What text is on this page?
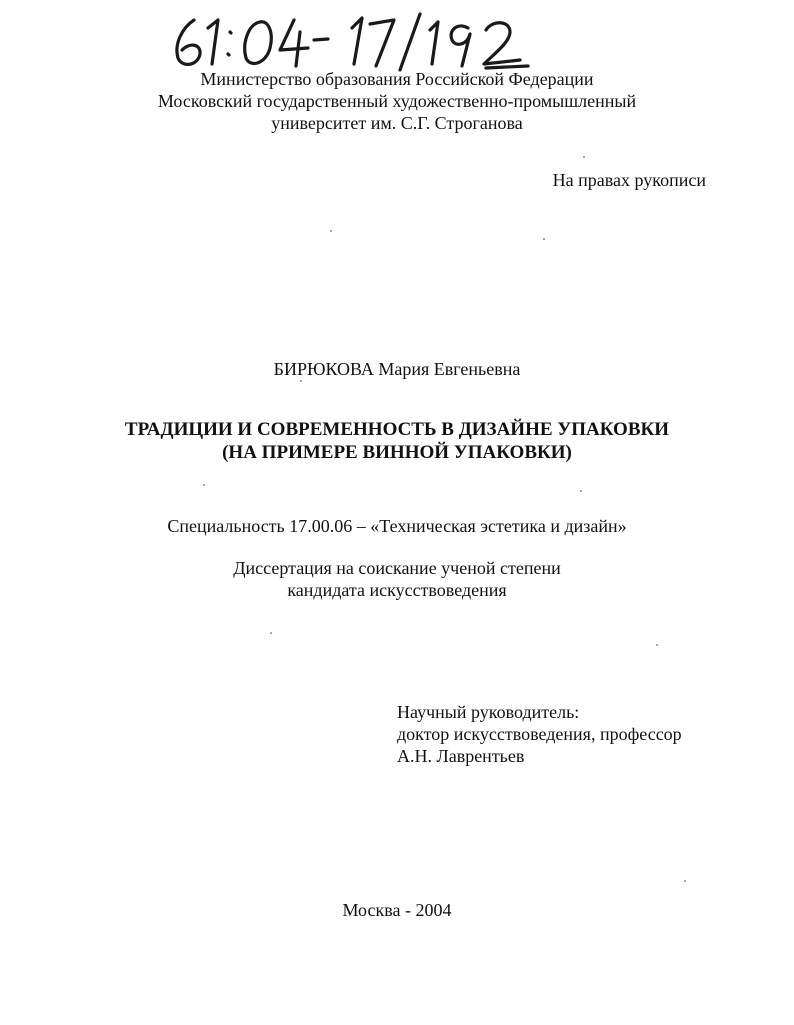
Министерство образования Российской Федерации
Московский государственный художественно-промышленный
университет им. С.Г. Строганова
На правах рукописи
БИРЮКОВА Мария Евгеньевна
ТРАДИЦИИ И СОВРЕМЕННОСТЬ В ДИЗАЙНЕ УПАКОВКИ
(НА ПРИМЕРЕ ВИННОЙ УПАКОВКИ)
Специальность 17.00.06 – «Техническая эстетика и дизайн»
Диссертация на соискание ученой степени
кандидата искусствоведения
Научный руководитель:
доктор искусствоведения, профессор
А.Н. Лаврентьев
Москва - 2004
